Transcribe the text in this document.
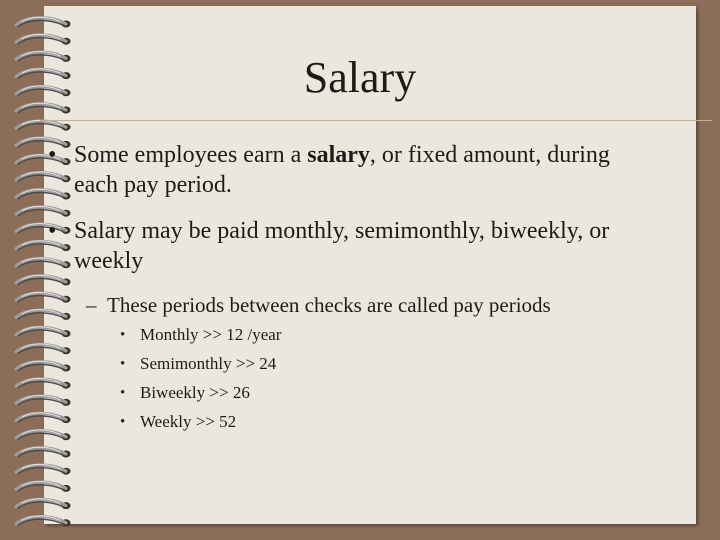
Salary
• Some employees earn a salary, or fixed amount, during each pay period.
• Salary may be paid monthly, semimonthly, biweekly, or weekly
– These periods between checks are called pay periods
• Monthly >> 12 /year
• Semimonthly >> 24
• Biweekly >> 26
• Weekly >> 52
